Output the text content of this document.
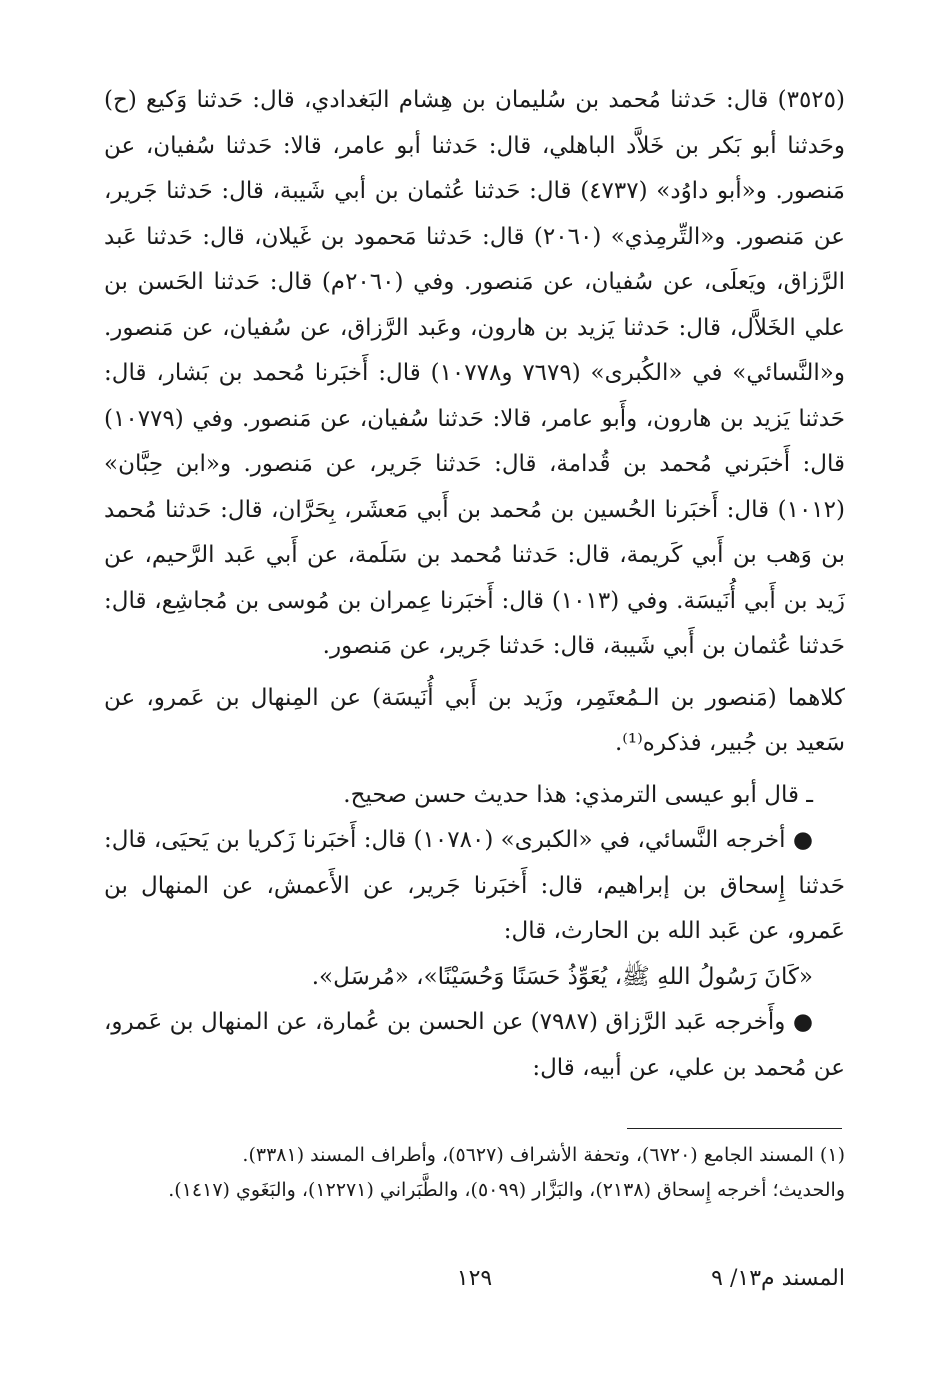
(٣٥٢٥) قال: حَدثنا مُحمد بن سُليمان بن هِشام البَغدادي، قال: حَدثنا وَكيع (ح) وحَدثنا أبو بَكر بن خَلاَّد الباهلي، قال: حَدثنا أبو عامر، قالا: حَدثنا سُفيان، عن مَنصور. و«أبو داوُد» (٤٧٣٧) قال: حَدثنا عُثمان بن أبي شَيبة، قال: حَدثنا جَرير، عن مَنصور. و«التِّرمِذي» (٢٠٦٠) قال: حَدثنا مَحمود بن غَيلان، قال: حَدثنا عَبد الرَّزاق، ويَعلَى، عن سُفيان، عن مَنصور. وفي (٢٠٦٠م) قال: حَدثنا الحَسن بن علي الخَلاَّل، قال: حَدثنا يَزيد بن هارون، وعَبد الرَّزاق، عن سُفيان، عن مَنصور. و«النَّسائي» في «الكُبرى» (٧٦٧٩ و١٠٧٧٨) قال: أَخبَرنا مُحمد بن بَشار، قال: حَدثنا يَزيد بن هارون، وأَبو عامر، قالا: حَدثنا سُفيان، عن مَنصور. وفي (١٠٧٧٩) قال: أَخبَرني مُحمد بن قُدامة، قال: حَدثنا جَرير، عن مَنصور. و«ابن حِبَّان» (١٠١٢) قال: أَخبَرنا الحُسين بن مُحمد بن أَبي مَعشَر، بِحَرَّان، قال: حَدثنا مُحمد بن وَهب بن أَبي كَريمة، قال: حَدثنا مُحمد بن سَلَمة، عن أَبي عَبد الرَّحيم، عن زَيد بن أَبي أُنَيسَة. وفي (١٠١٣) قال: أَخبَرنا عِمران بن مُوسى بن مُجاشِع، قال: حَدثنا عُثمان بن أَبي شَيبة، قال: حَدثنا جَرير، عن مَنصور.

كلاهما (مَنصور بن الـمُعتَمِر، وزَيد بن أَبي أُنَيسَة) عن المِنهال بن عَمرو، عن سَعيد بن جُبير، فذكره⁽¹⁾.

ـ قال أبو عيسى الترمذي: هذا حديث حسن صحيح.

● أخرجه النَّسائي، في «الكبرى» (١٠٧٨٠) قال: أَخبَرنا زَكريا بن يَحيَى، قال: حَدثنا إِسحاق بن إبراهيم، قال: أَخبَرنا جَرير، عن الأَعمش، عن المنهال بن عَمرو، عن عَبد الله بن الحارث، قال:

«كَانَ رَسُولُ اللهِ ﷺ، يُعَوِّذُ حَسَنًا وَحُسَيْنًا»، «مُرسَل».

● وأَخرجه عَبد الرَّزاق (٧٩٨٧) عن الحسن بن عُمارة، عن المنهال بن عَمرو، عن مُحمد بن علي، عن أبيه، قال:

(١) المسند الجامع (٦٧٢٠)، وتحفة الأشراف (٥٦٢٧)، وأطراف المسند (٣٣٨١).

والحديث؛ أخرجه إِسحاق (٢١٣٨)، والبَزَّار (٥٠٩٩)، والطَّبَراني (١٢٢٧١)، والبَغَوي (١٤١٧).

المسند م١٣/ ٩
١٢٩
